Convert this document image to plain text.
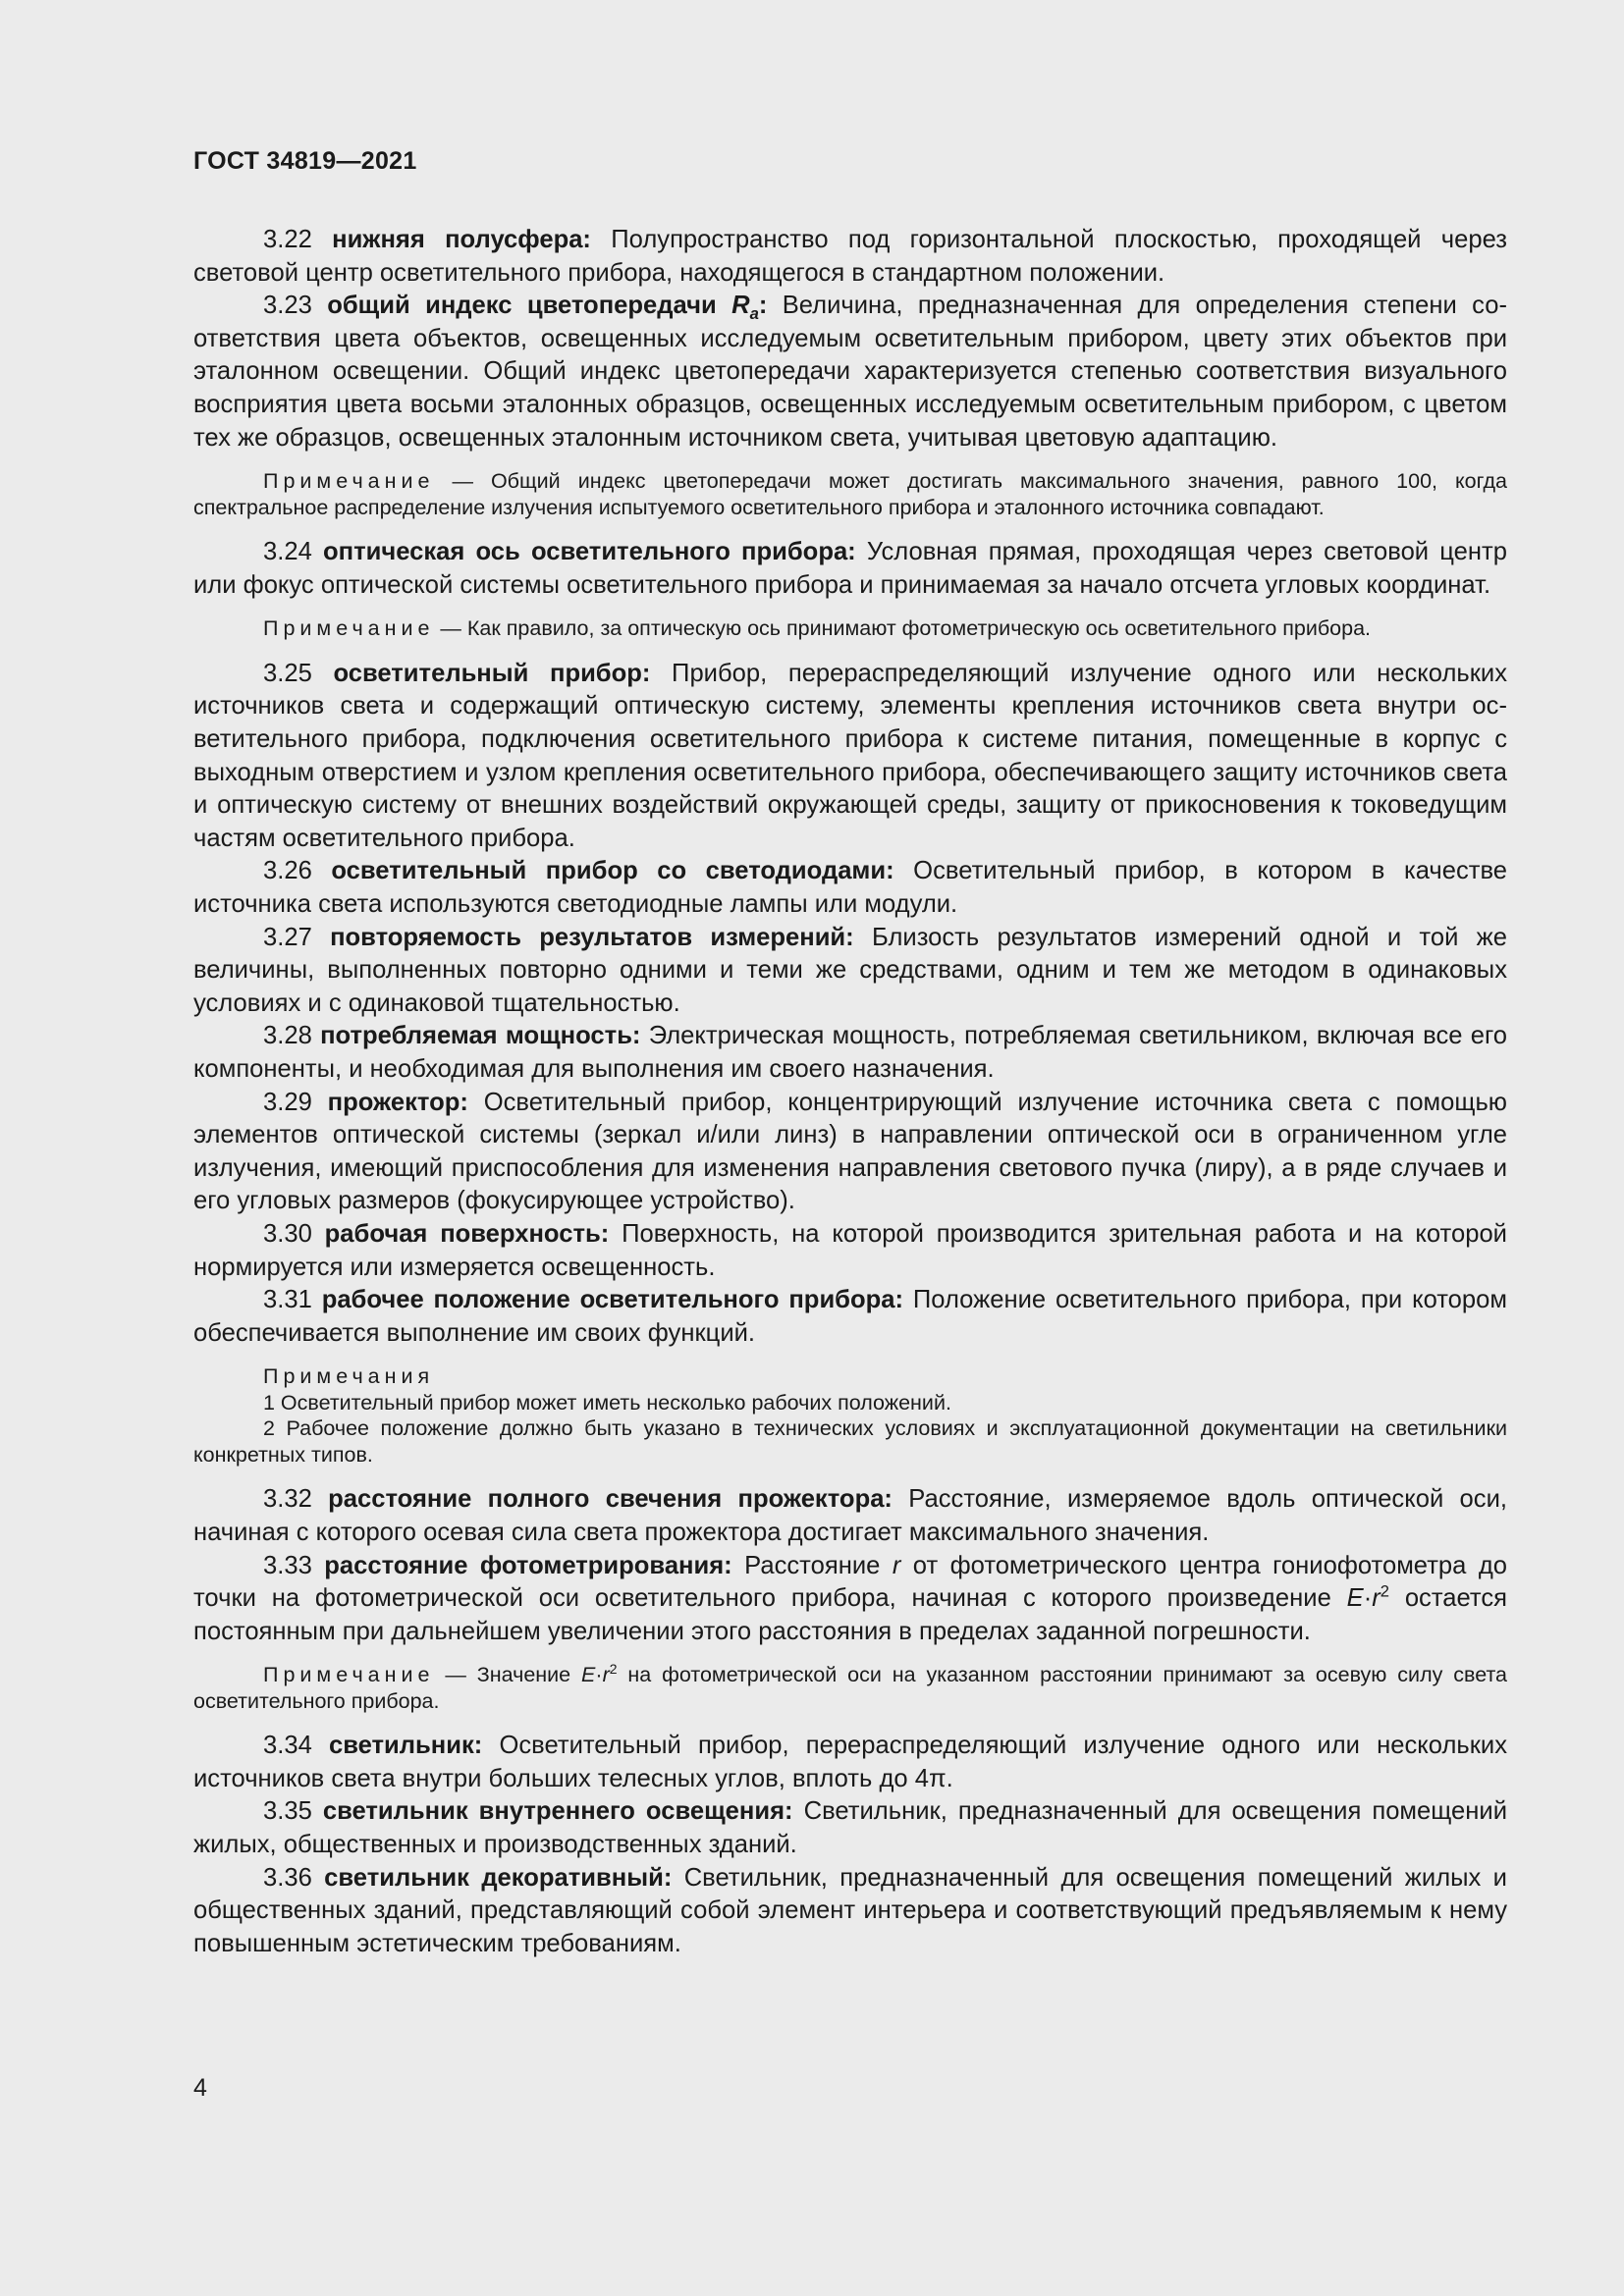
ГОСТ 34819—2021

3.22 нижняя полусфера: Полупространство под горизонтальной плоскостью, проходящей через световой центр осветительного прибора, находящегося в стандартном положении.

3.23 общий индекс цветопередачи $R_a$: Величина, предназначенная для определения степени соответствия цвета объектов, освещенных исследуемым осветительным прибором, цвету этих объектов при эталонном освещении. Общий индекс цветопередачи характеризуется степенью соответствия визуального восприятия цвета восьми эталонных образцов, освещенных исследуемым осветительным прибором, с цветом тех же образцов, освещенных эталонным источником света, учитывая цветовую адаптацию.

Примечание — Общий индекс цветопередачи может достигать максимального значения, равного 100, когда спектральное распределение излучения испытуемого осветительного прибора и эталонного источника совпадают.

3.24 оптическая ось осветительного прибора: Условная прямая, проходящая через световой центр или фокус оптической системы осветительного прибора и принимаемая за начало отсчета угловых координат.

Примечание — Как правило, за оптическую ось принимают фотометрическую ось осветительного прибора.

3.25 осветительный прибор: Прибор, перераспределяющий излучение одного или нескольких источников света и содержащий оптическую систему, элементы крепления источников света внутри осветительного прибора, подключения осветительного прибора к системе питания, помещенные в корпус с выходным отверстием и узлом крепления осветительного прибора, обеспечивающего защиту источников света и оптическую систему от внешних воздействий окружающей среды, защиту от прикосновения к токоведущим частям осветительного прибора.

3.26 осветительный прибор со светодиодами: Осветительный прибор, в котором в качестве источника света используются светодиодные лампы или модули.

3.27 повторяемость результатов измерений: Близость результатов измерений одной и той же величины, выполненных повторно одними и теми же средствами, одним и тем же методом в одинаковых условиях и с одинаковой тщательностью.

3.28 потребляемая мощность: Электрическая мощность, потребляемая светильником, включая все его компоненты, и необходимая для выполнения им своего назначения.

3.29 прожектор: Осветительный прибор, концентрирующий излучение источника света с помощью элементов оптической системы (зеркал и/или линз) в направлении оптической оси в ограниченном угле излучения, имеющий приспособления для изменения направления светового пучка (лиру), а в ряде случаев и его угловых размеров (фокусирующее устройство).

3.30 рабочая поверхность: Поверхность, на которой производится зрительная работа и на которой нормируется или измеряется освещенность.

3.31 рабочее положение осветительного прибора: Положение осветительного прибора, при котором обеспечивается выполнение им своих функций.

Примечания
1 Осветительный прибор может иметь несколько рабочих положений.
2 Рабочее положение должно быть указано в технических условиях и эксплуатационной документации на светильники конкретных типов.

3.32 расстояние полного свечения прожектора: Расстояние, измеряемое вдоль оптической оси, начиная с которого осевая сила света прожектора достигает максимального значения.

3.33 расстояние фотометрирования: Расстояние r от фотометрического центра гониофотометра до точки на фотометрической оси осветительного прибора, начиная с которого произведение $E\cdot r^2$ остается постоянным при дальнейшем увеличении этого расстояния в пределах заданной погрешности.

Примечание — Значение $E\cdot r^2$ на фотометрической оси на указанном расстоянии принимают за осевую силу света осветительного прибора.

3.34 светильник: Осветительный прибор, перераспределяющий излучение одного или нескольких источников света внутри больших телесных углов, вплоть до 4π.

3.35 светильник внутреннего освещения: Светильник, предназначенный для освещения помещений жилых, общественных и производственных зданий.

3.36 светильник декоративный: Светильник, предназначенный для освещения помещений жилых и общественных зданий, представляющий собой элемент интерьера и соответствующий предъявляемым к нему повышенным эстетическим требованиям.

4
